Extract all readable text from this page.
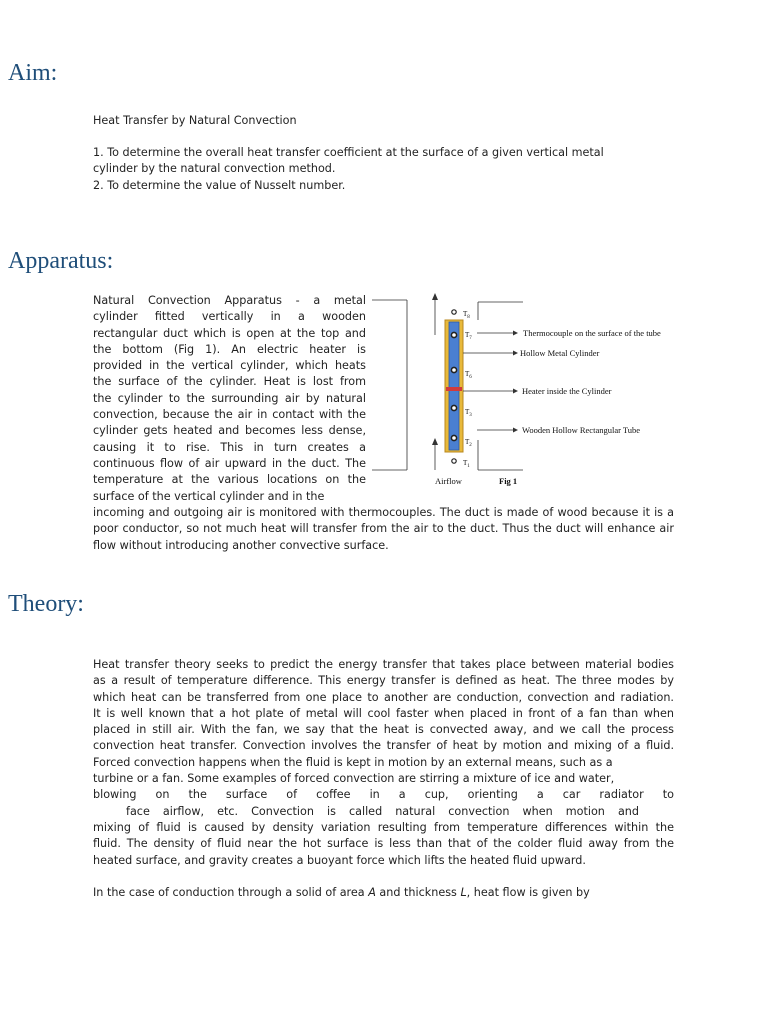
Aim:

Heat Transfer by Natural Convection

1. To determine the overall heat transfer coefficient at the surface of a given vertical metal
cylinder by the natural convection method.
2. To determine the value of Nusselt number.
Apparatus:
Natural Convection Apparatus - a metal
cylinder fitted vertically in a wooden
rectangular duct which is open at the top and
the bottom (Fig 1). An electric heater is
provided in the vertical cylinder, which heats
the surface of the cylinder. Heat is lost from
the cylinder to the surrounding air by natural
convection, because the air in contact with the
cylinder gets heated and becomes less dense,
causing it to rise. This in turn creates a
continuous flow of air upward in the duct. The
temperature at the various locations on the
surface of the vertical cylinder and in the

incoming and outgoing air is monitored with thermocouples. The duct is made of wood because it is a poor conductor, so not much heat will transfer from the air to the duct. Thus the duct will enhance air flow without introducing another convective surface.

$T_8$
$T_7$
$T_6$
$T_3$
$T_2$
$T_1$
Thermocouple on the surface of the tube
Hollow Metal Cylinder
Heater inside the Cylinder
Wooden Hollow Rectangular Tube
Airflow	Fig 1
Theory:
Heat transfer theory seeks to predict the energy transfer that takes place between material bodies
as a result of temperature difference. This energy transfer is defined as heat. The three modes by
which heat can be transferred from one place to another are conduction, convection and radiation.
It is well known that a hot plate of metal will cool faster when placed in front of a fan than when
placed in still air. With the fan, we say that the heat is convected away, and we call the process
convection heat transfer. Convection involves the transfer of heat by motion and mixing of a fluid.
Forced convection happens when the fluid is kept in motion by an external means, such as a
turbine or a fan. Some examples of forced convection are stirring a mixture of ice and water,
blowing on the surface of coffee in a cup, orienting a car radiator to
face airflow, etc. Convection is called natural convection when motion and
mixing of fluid is caused by density variation resulting from temperature differences within the
fluid. The density of fluid near the hot surface is less than that of the colder fluid away from the
heated surface, and gravity creates a buoyant force which lifts the heated fluid upward.

In the case of conduction through a solid of area A and thickness L, heat flow is given by
